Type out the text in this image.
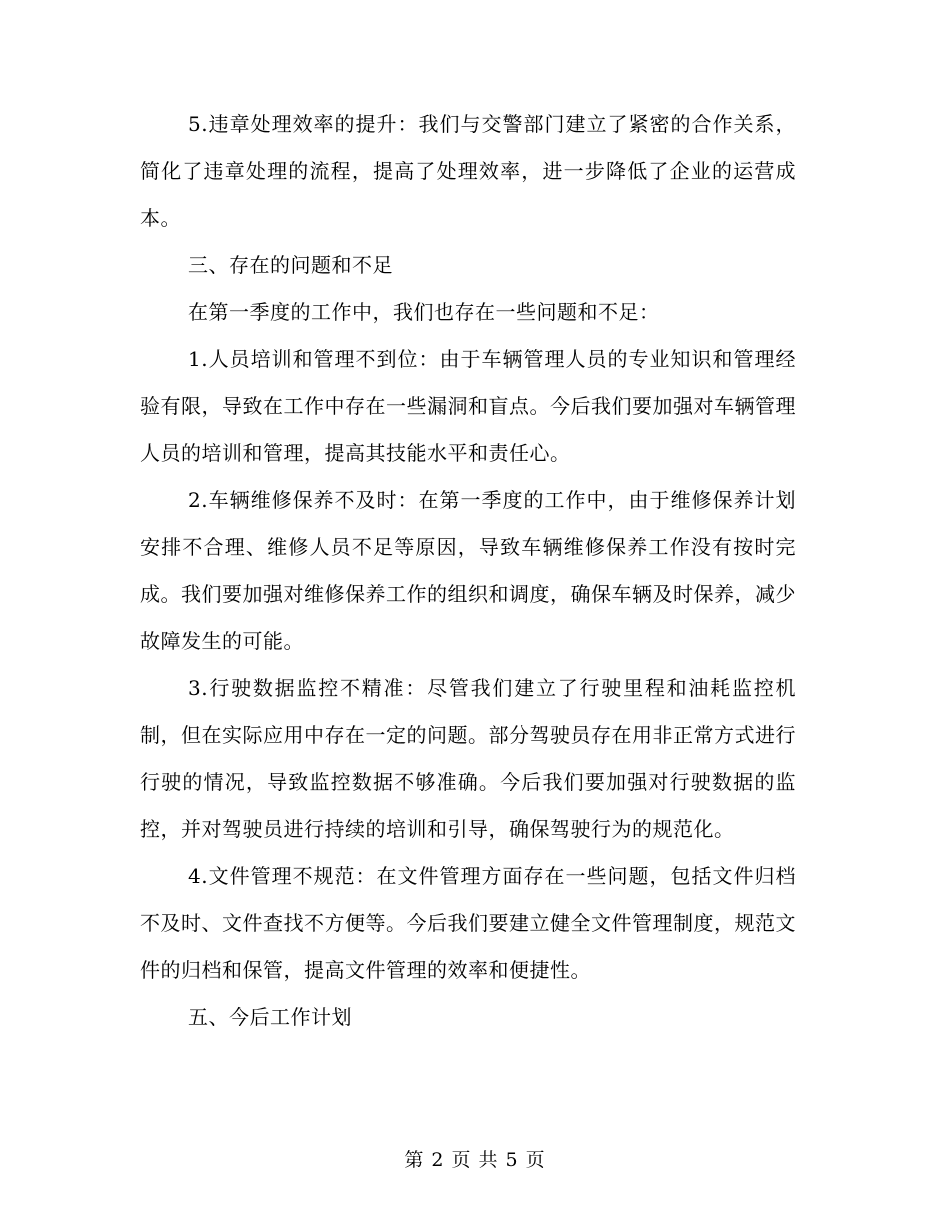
5.违章处理效率的提升：我们与交警部门建立了紧密的合作关系，简化了违章处理的流程，提高了处理效率，进一步降低了企业的运营成本。

三、存在的问题和不足

在第一季度的工作中，我们也存在一些问题和不足：

1.人员培训和管理不到位：由于车辆管理人员的专业知识和管理经验有限，导致在工作中存在一些漏洞和盲点。今后我们要加强对车辆管理人员的培训和管理，提高其技能水平和责任心。

2.车辆维修保养不及时：在第一季度的工作中，由于维修保养计划安排不合理、维修人员不足等原因，导致车辆维修保养工作没有按时完成。我们要加强对维修保养工作的组织和调度，确保车辆及时保养，减少故障发生的可能。

3.行驶数据监控不精准：尽管我们建立了行驶里程和油耗监控机制，但在实际应用中存在一定的问题。部分驾驶员存在用非正常方式进行行驶的情况，导致监控数据不够准确。今后我们要加强对行驶数据的监控，并对驾驶员进行持续的培训和引导，确保驾驶行为的规范化。

4.文件管理不规范：在文件管理方面存在一些问题，包括文件归档不及时、文件查找不方便等。今后我们要建立健全文件管理制度，规范文件的归档和保管，提高文件管理的效率和便捷性。

五、今后工作计划

第 2 页 共 5 页
